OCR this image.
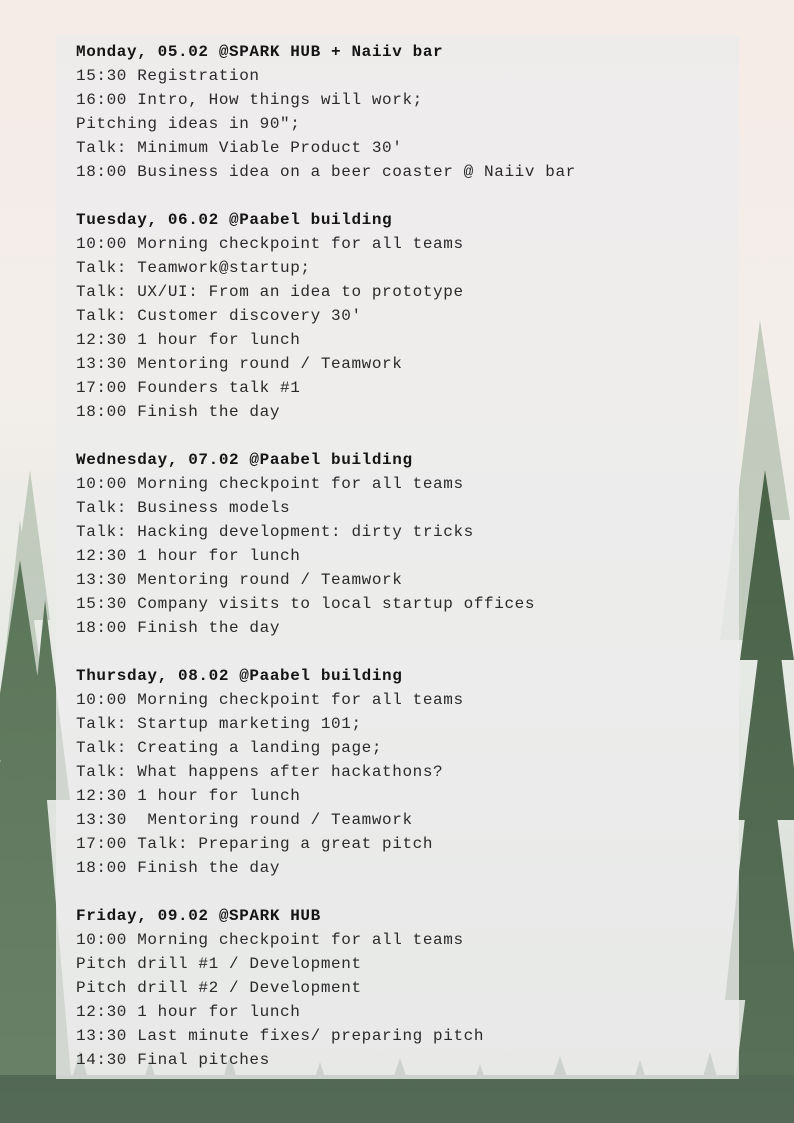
Monday, 05.02 @SPARK HUB + Naiiv bar
15:30 Registration
16:00 Intro, How things will work;
Pitching ideas in 90";
Talk: Minimum Viable Product 30'
18:00 Business idea on a beer coaster @ Naiiv bar
Tuesday, 06.02 @Paabel building
10:00 Morning checkpoint for all teams
Talk: Teamwork@startup;
Talk: UX/UI: From an idea to prototype
Talk: Customer discovery 30'
12:30 1 hour for lunch
13:30 Mentoring round / Teamwork
17:00 Founders talk #1
18:00 Finish the day
Wednesday, 07.02 @Paabel building
10:00 Morning checkpoint for all teams
Talk: Business models
Talk: Hacking development: dirty tricks
12:30 1 hour for lunch
13:30 Mentoring round / Teamwork
15:30 Company visits to local startup offices
18:00 Finish the day
Thursday, 08.02 @Paabel building
10:00 Morning checkpoint for all teams
Talk: Startup marketing 101;
Talk: Creating a landing page;
Talk: What happens after hackathons?
12:30 1 hour for lunch
13:30  Mentoring round / Teamwork
17:00 Talk: Preparing a great pitch
18:00 Finish the day
Friday, 09.02 @SPARK HUB
10:00 Morning checkpoint for all teams
Pitch drill #1 / Development
Pitch drill #2 / Development
12:30 1 hour for lunch
13:30 Last minute fixes/ preparing pitch
14:30 Final pitches
